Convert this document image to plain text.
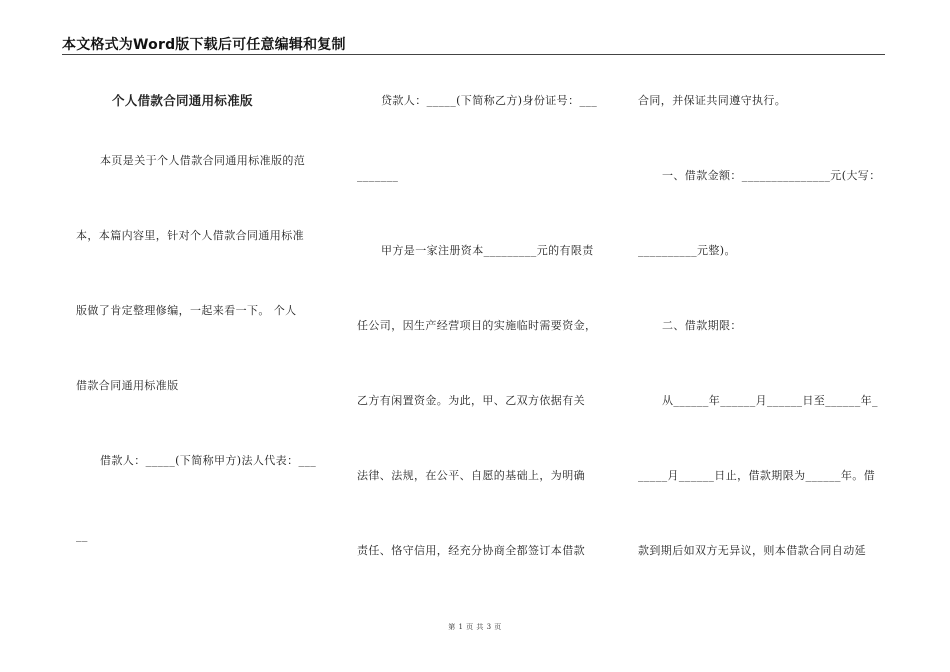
本文格式为Word版下载后可任意编辑和复制
个人借款合同通用标准版
本页是关于个人借款合同通用标准版的范
本，本篇内容里，针对个人借款合同通用标准
版做了肯定整理修编，一起来看一下。 个人
借款合同通用标准版
借款人：_____(下简称甲方)法人代表：___
__
贷款人：_____(下简称乙方)身份证号：___
_______
甲方是一家注册资本_________元的有限责
任公司，因生产经营项目的实施临时需要资金，
乙方有闲置资金。为此，甲、乙双方依据有关
法律、法规，在公平、自愿的基础上，为明确
责任、恪守信用，经充分协商全都签订本借款
合同，并保证共同遵守执行。
一、借款金额：_______________元(大写：
__________元整)。
二、借款期限：
从______年______月______日至______年_
_____月______日止，借款期限为______年。借
款到期后如双方无异议，则本借款合同自动延
第 1 页 共 3 页
